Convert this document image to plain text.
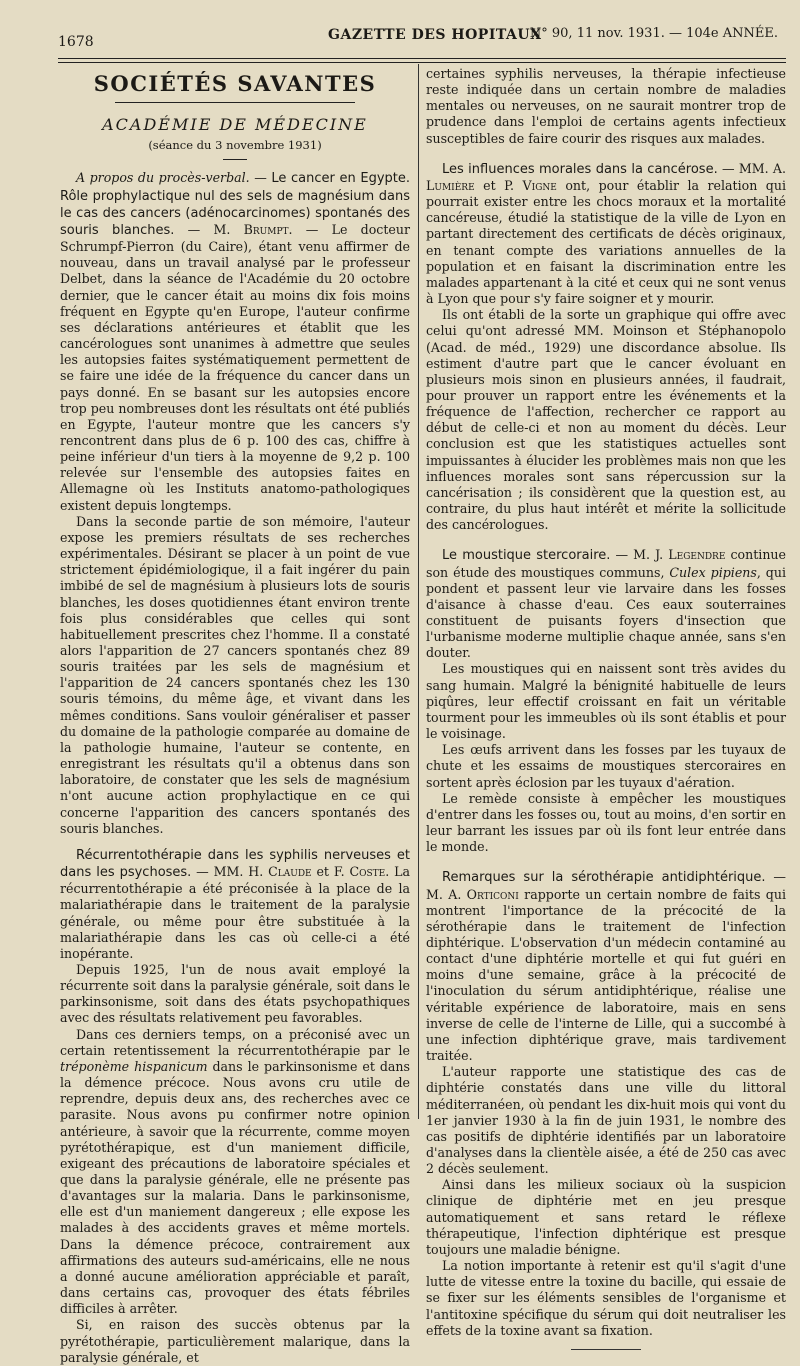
1678	GAZETTE DES HOPITAUX
N° 90, 11 nov. 1931. — 104e ANNÉE.
SOCIÉTÉS SAVANTES
ACADÉMIE DE MÉDECINE
(séance du 3 novembre 1931)

A propos du procès-verbal. — Le cancer en Egypte. Rôle prophylactique nul des sels de magnésium dans le cas des cancers (adénocarcinomes) spontanés des souris blanches. — M. Brumpt. — Le docteur Schrumpf-Pierron (du Caire), étant venu affirmer de nouveau, dans un travail analysé par le professeur Delbet, dans la séance de l'Académie du 20 octobre dernier, que le cancer était au moins dix fois moins fréquent en Egypte qu'en Europe, l'auteur confirme ses déclarations antérieures et établit que les cancérologues sont unanimes à admettre que seules les autopsies faites systématiquement permettent de se faire une idée de la fréquence du cancer dans un pays donné. En se basant sur les autopsies encore trop peu nombreuses dont les résultats ont été publiés en Egypte, l'auteur montre que les cancers s'y rencontrent dans plus de 6 p. 100 des cas, chiffre à peine inférieur d'un tiers à la moyenne de 9,2 p. 100 relevée sur l'ensemble des autopsies faites en Allemagne où les Instituts anatomo-pathologiques existent depuis longtemps.

Dans la seconde partie de son mémoire, l'auteur expose les premiers résultats de ses recherches expérimentales. Désirant se placer à un point de vue strictement épidémiologique, il a fait ingérer du pain imbibé de sel de magnésium à plusieurs lots de souris blanches, les doses quotidiennes étant environ trente fois plus considérables que celles qui sont habituellement prescrites chez l'homme. Il a constaté alors l'apparition de 27 cancers spontanés chez 89 souris traitées par les sels de magnésium et l'apparition de 24 cancers spontanés chez les 130 souris témoins, du même âge, et vivant dans les mêmes conditions. Sans vouloir généraliser et passer du domaine de la pathologie comparée au domaine de la pathologie humaine, l'auteur se contente, en enregistrant les résultats qu'il a obtenus dans son laboratoire, de constater que les sels de magnésium n'ont aucune action prophylactique en ce qui concerne l'apparition des cancers spontanés des souris blanches.

Récurrentothérapie dans les syphilis nerveuses et dans les psychoses. — MM. H. Claude et F. Coste. La récurrentothérapie a été préconisée à la place de la malariathérapie dans le traitement de la paralysie générale, ou même pour être substituée à la malariathérapie dans les cas où celle-ci a été inopérante.

Depuis 1925, l'un de nous avait employé la récurrente soit dans la paralysie générale, soit dans le parkinsonisme, soit dans des états psychopathiques avec des résultats relativement peu favorables.

Dans ces derniers temps, on a préconisé avec un certain retentissement la récurrentothérapie par le tréponème hispanicum dans le parkinsonisme et dans la démence précoce. Nous avons cru utile de reprendre, depuis deux ans, des recherches avec ce parasite. Nous avons pu confirmer notre opinion antérieure, à savoir que la récurrente, comme moyen pyrétothérapique, est d'un maniement difficile, exigeant des précautions de laboratoire spéciales et que dans la paralysie générale, elle ne présente pas d'avantages sur la malaria. Dans le parkinsonisme, elle est d'un maniement dangereux ; elle expose les malades à des accidents graves et même mortels. Dans la démence précoce, contrairement aux affirmations des auteurs sud-américains, elle ne nous a donné aucune amélioration appréciable et paraît, dans certains cas, provoquer des états fébriles difficiles à arrêter.

Si, en raison des succès obtenus par la pyrétothérapie, particulièrement malarique, dans la paralysie générale, et

certaines syphilis nerveuses, la thérapie infectieuse reste indiquée dans un certain nombre de maladies mentales ou nerveuses, on ne saurait montrer trop de prudence dans l'emploi de certains agents infectieux susceptibles de faire courir des risques aux malades.

Les influences morales dans la cancérose. — MM. A. Lumière et P. Vigne ont, pour établir la relation qui pourrait exister entre les chocs moraux et la mortalité cancéreuse, étudié la statistique de la ville de Lyon en partant directement des certificats de décès originaux, en tenant compte des variations annuelles de la population et en faisant la discrimination entre les malades appartenant à la cité et ceux qui ne sont venus à Lyon que pour s'y faire soigner et y mourir.

Ils ont établi de la sorte un graphique qui offre avec celui qu'ont adressé MM. Moinson et Stéphanopolo (Acad. de méd., 1929) une discordance absolue. Ils estiment d'autre part que le cancer évoluant en plusieurs mois sinon en plusieurs années, il faudrait, pour prouver un rapport entre les événements et la fréquence de l'affection, rechercher ce rapport au début de celle-ci et non au moment du décès. Leur conclusion est que les statistiques actuelles sont impuissantes à élucider les problèmes mais non que les influences morales sont sans répercussion sur la cancérisation ; ils considèrent que la question est, au contraire, du plus haut intérêt et mérite la sollicitude des cancérologues.

Le moustique stercoraire. — M. J. Legendre continue son étude des moustiques communs, Culex pipiens, qui pondent et passent leur vie larvaire dans les fosses d'aisance à chasse d'eau. Ces eaux souterraines constituent de puisants foyers d'insection que l'urbanisme moderne multiplie chaque année, sans s'en douter.

Les moustiques qui en naissent sont très avides du sang humain. Malgré la bénignité habituelle de leurs piqûres, leur effectif croissant en fait un véritable tourment pour les immeubles où ils sont établis et pour le voisinage.

Les œufs arrivent dans les fosses par les tuyaux de chute et les essaims de moustiques stercoraires en sortent après éclosion par les tuyaux d'aération.

Le remède consiste à empêcher les moustiques d'entrer dans les fosses ou, tout au moins, d'en sortir en leur barrant les issues par où ils font leur entrée dans le monde.

Remarques sur la sérothérapie antidiphtérique. — M. A. Orticoni rapporte un certain nombre de faits qui montrent l'importance de la précocité de la sérothérapie dans le traitement de l'infection diphtérique. L'observation d'un médecin contaminé au contact d'une diphtérie mortelle et qui fut guéri en moins d'une semaine, grâce à la précocité de l'inoculation du sérum antidiphtérique, réalise une véritable expérience de laboratoire, mais en sens inverse de celle de l'interne de Lille, qui a succombé à une infection diphtérique grave, mais tardivement traitée.

L'auteur rapporte une statistique des cas de diphtérie constatés dans une ville du littoral méditerranéen, où pendant les dix-huit mois qui vont du 1er janvier 1930 à la fin de juin 1931, le nombre des cas positifs de diphtérie identifiés par un laboratoire d'analyses dans la clientèle aisée, a été de 250 cas avec 2 décès seulement.

Ainsi dans les milieux sociaux où la suspicion clinique de diphtérie met en jeu presque automatiquement et sans retard le réflexe thérapeutique, l'infection diphtérique est presque toujours une maladie bénigne.

La notion importante à retenir est qu'il s'agit d'une lutte de vitesse entre la toxine du bacille, qui essaie de se fixer sur les éléments sensibles de l'organisme et l'antitoxine spécifique du sérum qui doit neutraliser les effets de la toxine avant sa fixation.
